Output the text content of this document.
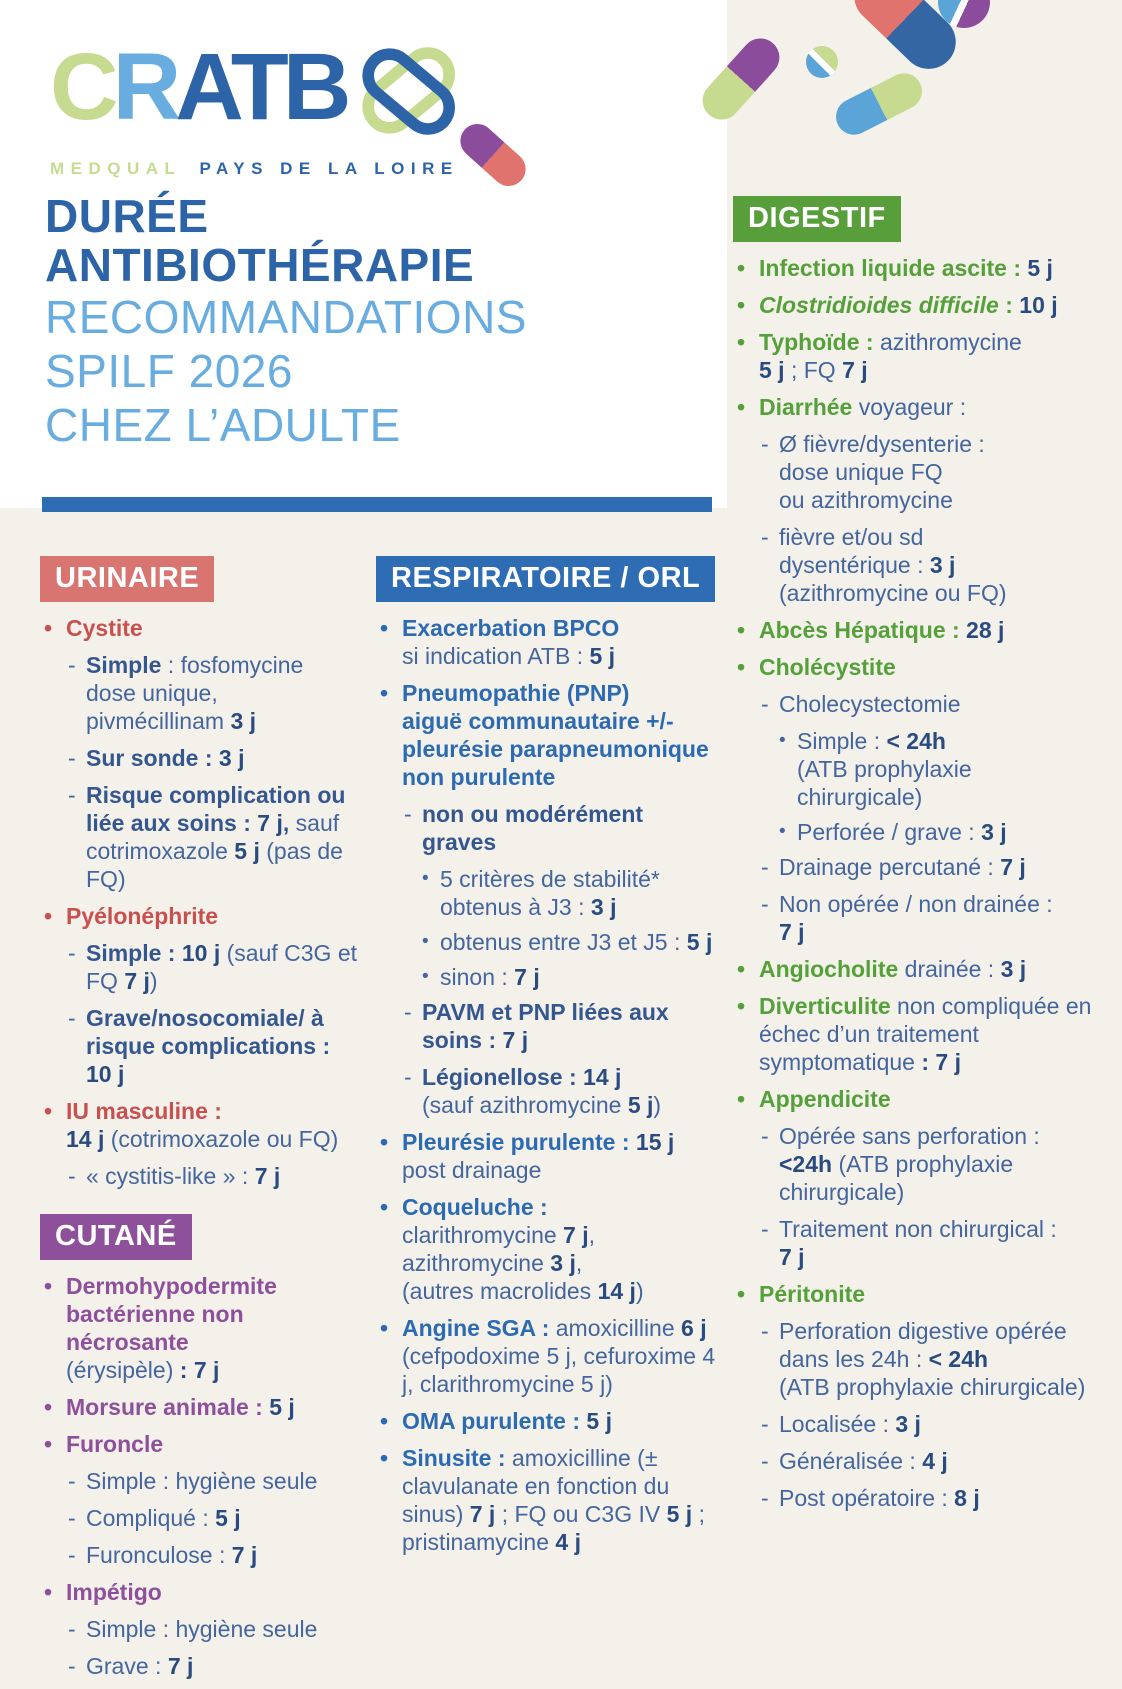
CRATB
MEDQUAL PAYS DE LA LOIRE
DURÉE
ANTIBIOTHÉRAPIE
RECOMMANDATIONS
SPILF 2026
CHEZ L’ADULTE
URINAIRE
• Cystite
- Simple : fosfomycine dose unique, pivmécillinam 3 j
- Sur sonde : 3 j
- Risque complication ou liée aux soins : 7 j, sauf cotrimoxazole 5 j (pas de FQ)
• Pyélonéphrite
- Simple : 10 j (sauf C3G et FQ 7 j)
- Grave/nosocomiale/ à
risque complications : 10 j
• IU masculine :
14 j (cotrimoxazole ou FQ)
- « cystitis-like » : 7 j
CUTANÉ
• Dermohypodermite bactérienne non nécrosante
(érysipèle) : 7 j
• Morsure animale : 5 j
• Furoncle
- Simple : hygiène seule
- Compliqué : 5 j
- Furonculose : 7 j
• Impétigo
- Simple : hygiène seule
- Grave : 7 j
RESPIRATOIRE / ORL
• Exacerbation BPCO
si indication ATB : 5 j
• Pneumopathie (PNP)
aiguë communautaire +/-
pleurésie parapneumonique
non purulente
- non ou modérément graves
• 5 critères de stabilité* obtenus à J3 : 3 j
• obtenus entre J3 et J5 : 5 j
• sinon : 7 j
- PAVM et PNP liées aux soins : 7 j
- Légionellose : 14 j
(sauf azithromycine 5 j)
• Pleurésie purulente : 15 j
post drainage
• Coqueluche :
clarithromycine 7 j,
azithromycine 3 j,
(autres macrolides 14 j)
• Angine SGA : amoxicilline 6 j
(cefpodoxime 5 j, cefuroxime 4 j, clarithromycine 5 j)
• OMA purulente : 5 j
• Sinusite : amoxicilline (± clavulanate en fonction du sinus) 7 j ; FQ ou C3G IV 5 j ;
pristinamycine 4 j
DIGESTIF
• Infection liquide ascite : 5 j
• Clostridioides difficile : 10 j
• Typhoïde : azithromycine
5 j ; FQ 7 j
• Diarrhée voyageur :
- Ø fièvre/dysenterie :
dose unique FQ
ou azithromycine
- fièvre et/ou sd
dysentérique : 3 j
(azithromycine ou FQ)
• Abcès Hépatique : 28 j
• Cholécystite
- Cholecystectomie
• Simple : < 24h
(ATB prophylaxie chirurgicale)
• Perforée / grave : 3 j
- Drainage percutané : 7 j
- Non opérée / non drainée :
7 j
• Angiocholite drainée : 3 j
• Diverticulite non compliquée en échec d’un traitement symptomatique : 7 j
• Appendicite
- Opérée sans perforation :
<24h (ATB prophylaxie chirurgicale)
- Traitement non chirurgical :
7 j
• Péritonite
- Perforation digestive opérée dans les 24h : < 24h
(ATB prophylaxie chirurgicale)
- Localisée : 3 j
- Généralisée : 4 j
- Post opératoire : 8 j
